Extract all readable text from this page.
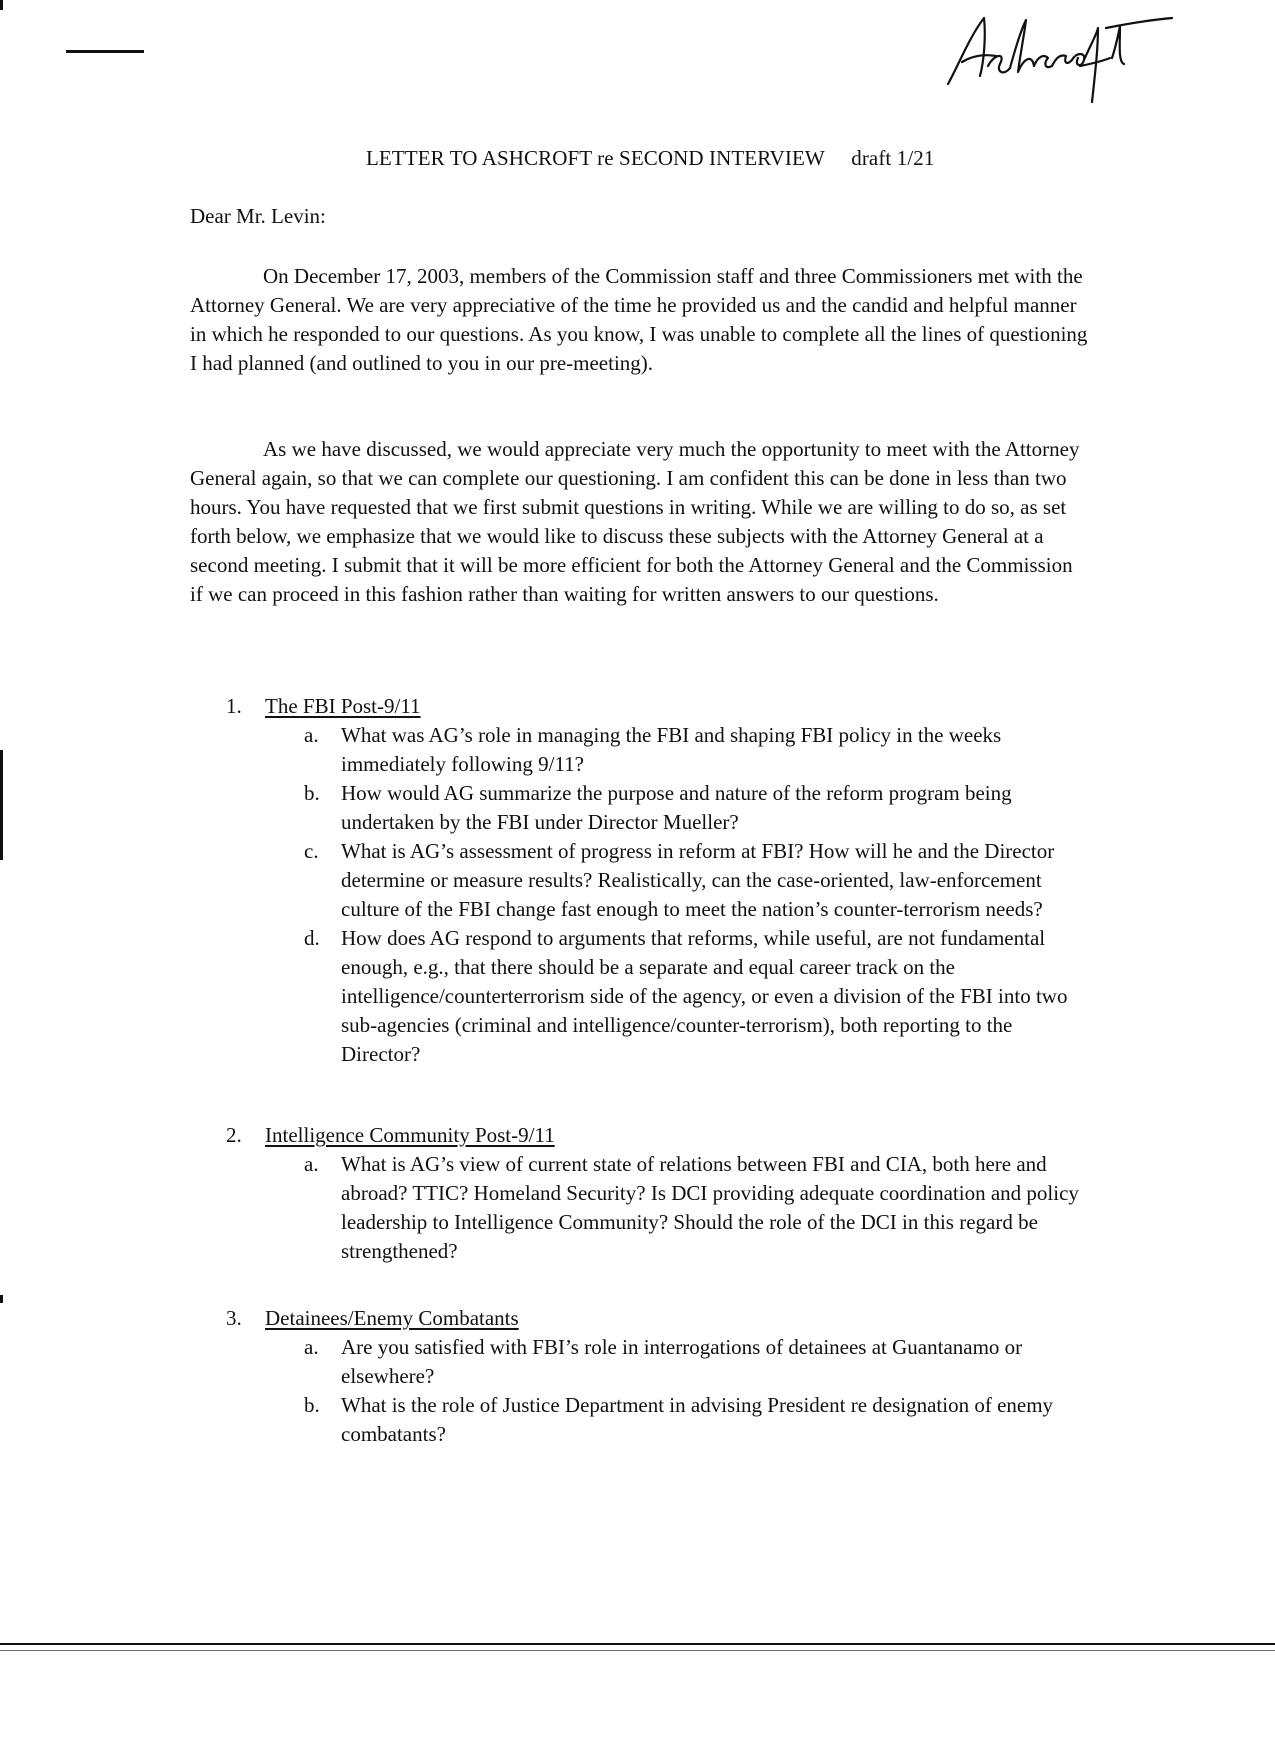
Ashcroft
LETTER TO ASHCROFT re SECOND INTERVIEW     draft 1/21
Dear Mr. Levin:

On December 17, 2003, members of the Commission staff and three Commissioners met with the Attorney General. We are very appreciative of the time he provided us and the candid and helpful manner in which he responded to our questions. As you know, I was unable to complete all the lines of questioning I had planned (and outlined to you in our pre-meeting).

As we have discussed, we would appreciate very much the opportunity to meet with the Attorney General again, so that we can complete our questioning. I am confident this can be done in less than two hours. You have requested that we first submit questions in writing. While we are willing to do so, as set forth below, we emphasize that we would like to discuss these subjects with the Attorney General at a second meeting. I submit that it will be more efficient for both the Attorney General and the Commission if we can proceed in this fashion rather than waiting for written answers to our questions.

1. The FBI Post-9/11

a. What was AG’s role in managing the FBI and shaping FBI policy in the weeks immediately following 9/11?

b. How would AG summarize the purpose and nature of the reform program being undertaken by the FBI under Director Mueller?

c. What is AG’s assessment of progress in reform at FBI? How will he and the Director determine or measure results? Realistically, can the case-oriented, law-enforcement culture of the FBI change fast enough to meet the nation’s counter-terrorism needs?

d. How does AG respond to arguments that reforms, while useful, are not fundamental enough, e.g., that there should be a separate and equal career track on the intelligence/counterterrorism side of the agency, or even a division of the FBI into two sub-agencies (criminal and intelligence/counter-terrorism), both reporting to the Director?

2. Intelligence Community Post-9/11

a. What is AG’s view of current state of relations between FBI and CIA, both here and abroad? TTIC? Homeland Security? Is DCI providing adequate coordination and policy leadership to Intelligence Community? Should the role of the DCI in this regard be strengthened?

3. Detainees/Enemy Combatants

a. Are you satisfied with FBI’s role in interrogations of detainees at Guantanamo or elsewhere?

b. What is the role of Justice Department in advising President re designation of enemy combatants?
